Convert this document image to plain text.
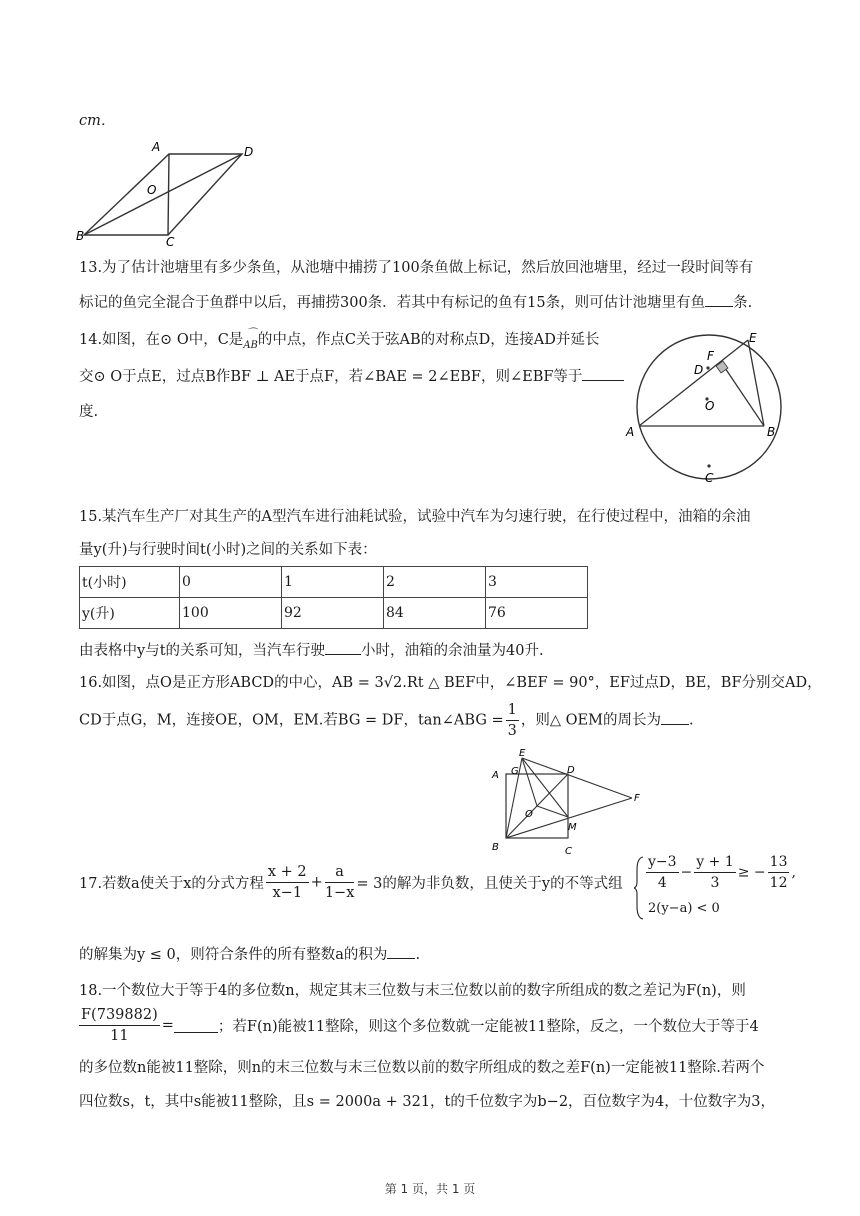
cm．
A	D
O
B	C
13.为了估计池塘里有多少条鱼，从池塘中捕捞了100条鱼做上标记，然后放回池塘里，经过一段时间等有
标记的鱼完全混合于鱼群中以后，再捕捞300条．若其中有标记的鱼有15条，则可估计池塘里有鱼 条.
14.如图，在⊙ O中，C是 ⌒
AB的中点，作点C关于弦AB的对称点D，连接AD并延长
交⊙ O于点E，过点B作BF ⊥ AE于点F，若∠BAE = 2∠EBF，则∠EBF等于
度.
E
F
D
O
A	B
C
15.某汽车生产厂对其生产的A型汽车进行油耗试验，试验中汽车为匀速行驶，在行使过程中，油箱的余油
量y(升)与行驶时间t(小时)之间的关系如下表：
t(小时)	0	1	2	3
y(升)	100	92	84	76
由表格中y与t的关系可知，当汽车行驶 小时，油箱的余油量为40升.
16.如图，点O是正方形ABCD的中心，AB = 3√2.Rt △ BEF中，∠BEF = 90°，EF过点D，BE，BF分别交AD，
CD于点G，M，连接OE，OM，EM.若BG = DF，tan∠ABG = $\frac{1}{3}$ ，则△ OEM的周长为 .
E
A G	D
F
O
M
B	C
17.若数a使关于x的分式方程 $\frac{x + 2}{x-1} + \frac{a}{1-x} = 3$的解为非负数，且使关于y的不等式组 $\frac{y-3}{4} - \frac{y + 1}{3}$ ≥ − $\frac{13}{12}$ ,
2(y−a) < 0
的解集为y ≤ 0，则符合条件的所有整数a的积为 .
18.一个数位大于等于4的多位数n，规定其末三位数与末三位数以前的数字所组成的数之差记为F(n)，则
$\frac{F(739882)}{11}$ =	；若F(n)能被11整除，则这个多位数就一定能被11整除，反之，一个数位大于等于4
的多位数n能被11整除，则n的末三位数与末三位数以前的数字所组成的数之差F(n)一定能被11整除.若两个
四位数s，t，其中s能被11整除，且s = 2000a + 321，t的千位数字为b−2，百位数字为4，十位数字为3，
第 1 页，共 1 页
